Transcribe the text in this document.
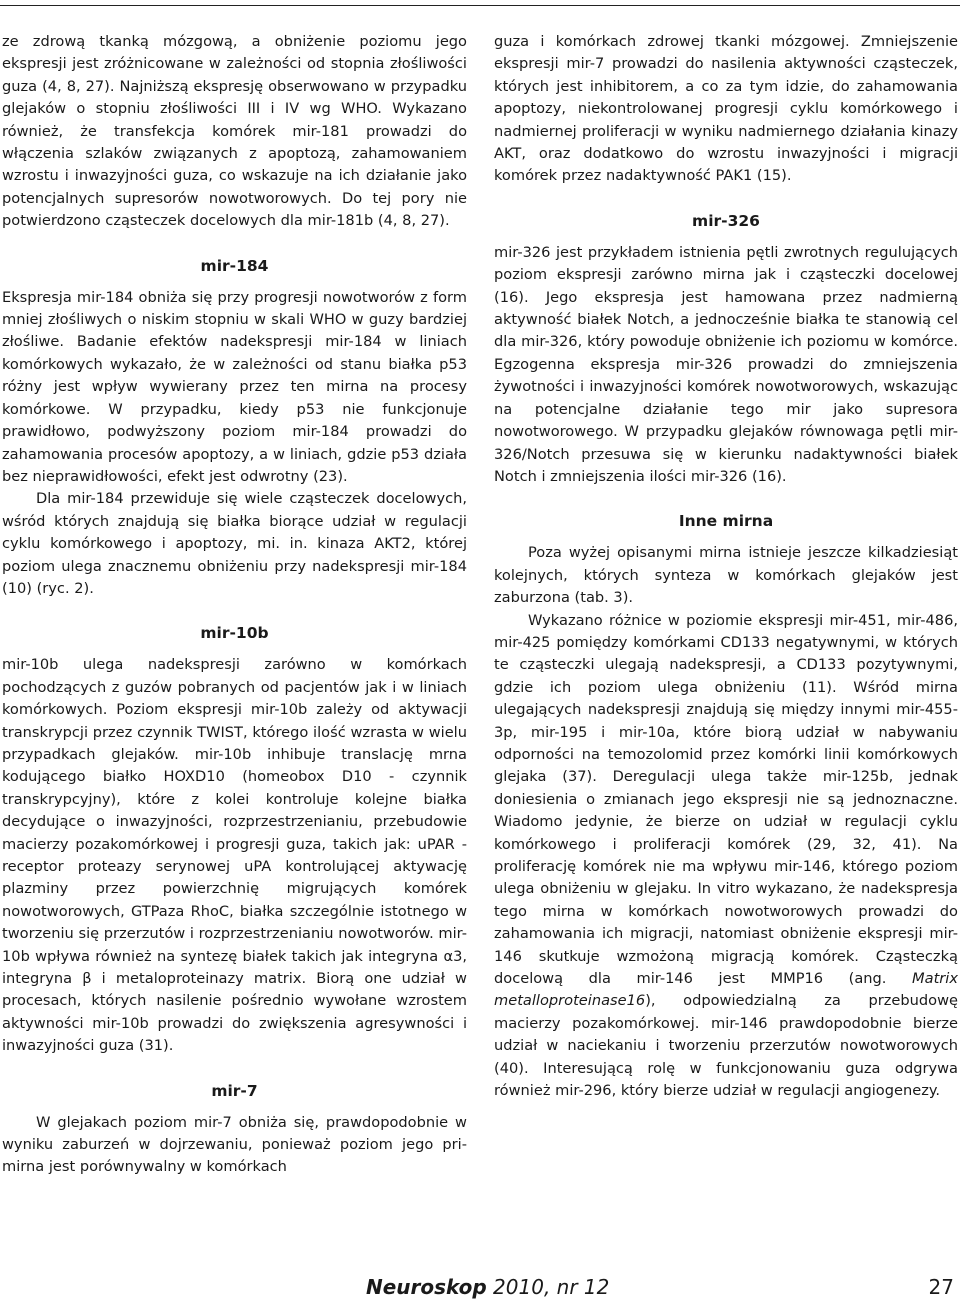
ze zdrową tkanką mózgową, a obniżenie poziomu jego ekspresji jest zróżnicowane w zależności od stopnia złośliwości guza (4, 8, 27). Najniższą ekspresję obserwowano w przypadku glejaków o stopniu złośliwości III i IV wg WHO. Wykazano również, że transfekcja komórek mir-181 prowadzi do włączenia szlaków związanych z apoptozą, zahamowaniem wzrostu i inwazyjności guza, co wskazuje na ich działanie jako potencjalnych supresorów nowotworowych. Do tej pory nie potwierdzono cząsteczek docelowych dla mir-181b (4, 8, 27).

mir-184

Ekspresja mir-184 obniża się przy progresji nowotworów z form mniej złośliwych o niskim stopniu w skali WHO w guzy bardziej złośliwe. Badanie efektów nadekspresji mir-184 w liniach komórkowych wykazało, że w zależności od stanu białka p53 różny jest wpływ wywierany przez ten mirna na procesy komórkowe. W przypadku, kiedy p53 nie funkcjonuje prawidłowo, podwyższony poziom mir-184 prowadzi do zahamowania procesów apoptozy, a w liniach, gdzie p53 działa bez nieprawidłowości, efekt jest odwrotny (23).

Dla mir-184 przewiduje się wiele cząsteczek docelowych, wśród których znajdują się białka biorące udział w regulacji cyklu komórkowego i apoptozy, mi. in. kinaza AKT2, której poziom ulega znacznemu obniżeniu przy nadekspresji mir-184 (10) (ryc. 2).

mir-10b

mir-10b ulega nadekspresji zarówno w komórkach pochodzących z guzów pobranych od pacjentów jak i w liniach komórkowych. Poziom ekspresji mir-10b zależy od aktywacji transkrypcji przez czynnik TWIST, którego ilość wzrasta w wielu przypadkach glejaków. mir-10b inhibuje translację mrna kodującego białko HOXD10 (homeobox D10 - czynnik transkrypcyjny), które z kolei kontroluje kolejne białka decydujące o inwazyjności, rozprzestrzenianiu, przebudowie macierzy pozakomórkowej i progresji guza, takich jak: uPAR - receptor proteazy serynowej uPA kontrolującej aktywację plazminy przez powierzchnię migrujących komórek nowotworowych, GTPaza RhoC, białka szczególnie istotnego w tworzeniu się przerzutów i rozprzestrzenianiu nowotworów. mir-10b wpływa również na syntezę białek takich jak integryna α3, integryna β i metaloproteinazy matrix. Biorą one udział w procesach, których nasilenie pośrednio wywołane wzrostem aktywności mir-10b prowadzi do zwiększenia agresywności i inwazyjności guza (31).

mir-7

W glejakach poziom mir-7 obniża się, prawdopodobnie w wyniku zaburzeń w dojrzewaniu, ponieważ poziom jego pri-mirna jest porównywalny w komórkach

guza i komórkach zdrowej tkanki mózgowej. Zmniejszenie ekspresji mir-7 prowadzi do nasilenia aktywności cząsteczek, których jest inhibitorem, a co za tym idzie, do zahamowania apoptozy, niekontrolowanej progresji cyklu komórkowego i nadmiernej proliferacji w wyniku nadmiernego działania kinazy AKT, oraz dodatkowo do wzrostu inwazyjności i migracji komórek przez nadaktywność PAK1 (15).

mir-326

mir-326 jest przykładem istnienia pętli zwrotnych regulujących poziom ekspresji zarówno mirna jak i cząsteczki docelowej (16). Jego ekspresja jest hamowana przez nadmierną aktywność białek Notch, a jednocześnie białka te stanowią cel dla mir-326, który powoduje obniżenie ich poziomu w komórce. Egzogenna ekspresja mir-326 prowadzi do zmniejszenia żywotności i inwazyjności komórek nowotworowych, wskazując na potencjalne działanie tego mir jako supresora nowotworowego. W przypadku glejaków równowaga pętli mir-326/Notch przesuwa się w kierunku nadaktywności białek Notch i zmniejszenia ilości mir-326 (16).

Inne mirna

Poza wyżej opisanymi mirna istnieje jeszcze kilkadziesiąt kolejnych, których synteza w komórkach glejaków jest zaburzona (tab. 3).

Wykazano różnice w poziomie ekspresji mir-451, mir-486, mir-425 pomiędzy komórkami CD133 negatywnymi, w których te cząsteczki ulegają nadekspresji, a CD133 pozytywnymi, gdzie ich poziom ulega obniżeniu (11). Wśród mirna ulegających nadekspresji znajdują się między innymi mir-455-3p, mir-195 i mir-10a, które biorą udział w nabywaniu odporności na temozolomid przez komórki linii komórkowych glejaka (37). Deregulacji ulega także mir-125b, jednak doniesienia o zmianach jego ekspresji nie są jednoznaczne. Wiadomo jedynie, że bierze on udział w regulacji cyklu komórkowego i proliferacji komórek (29, 32, 41). Na proliferację komórek nie ma wpływu mir-146, którego poziom ulega obniżeniu w glejaku. In vitro wykazano, że nadekspresja tego mirna w komórkach nowotworowych prowadzi do zahamowania ich migracji, natomiast obniżenie ekspresji mir-146 skutkuje wzmożoną migracją komórek. Cząsteczką docelową dla mir-146 jest MMP16 (ang. Matrix metalloproteinase16), odpowiedzialną za przebudowę macierzy pozakomórkowej. mir-146 prawdopodobnie bierze udział w naciekaniu i tworzeniu przerzutów nowotworowych (40). Interesującą rolę w funkcjonowaniu guza odgrywa również mir-296, który bierze udział w regulacji angiogenezy.

Neuroskop 2010, nr 12	27
